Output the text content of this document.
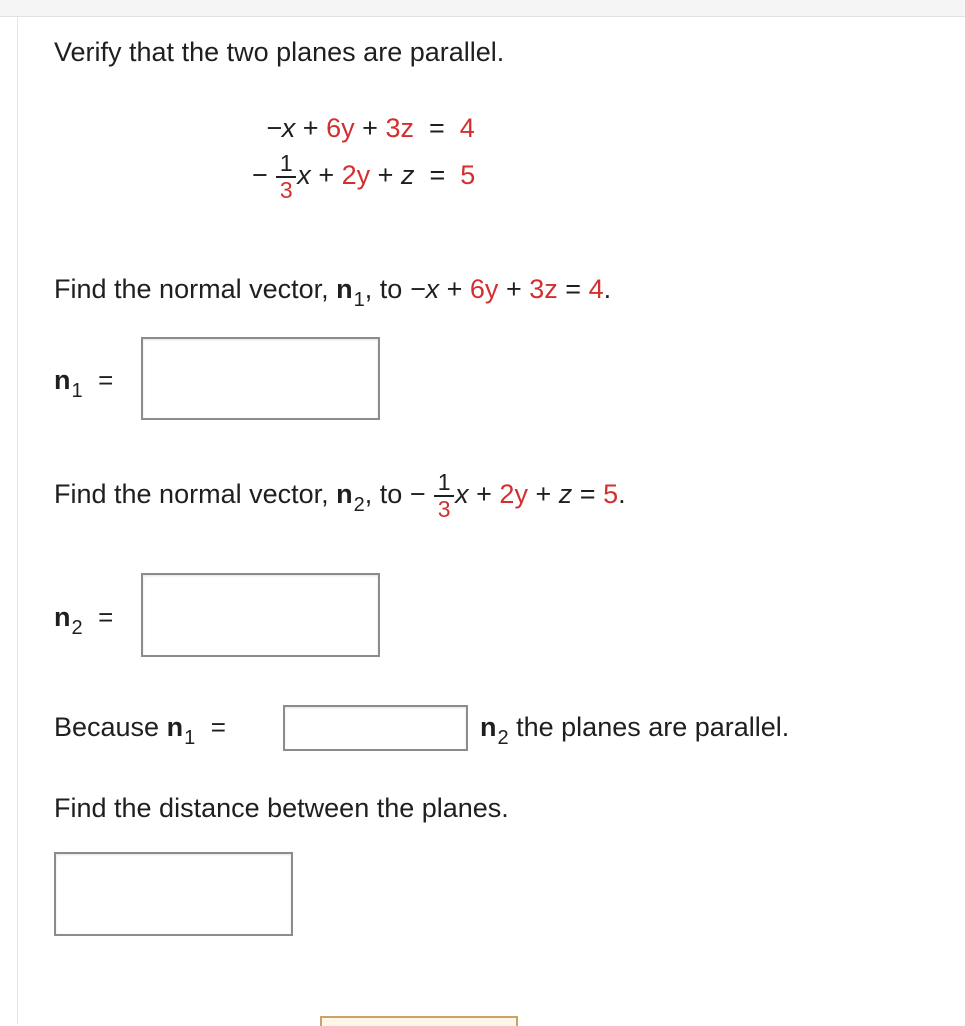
Verify that the two planes are parallel.
−x + 6y + 3z = 4
− $\frac{1}{3}$ x + 2y + z = 5
Find the normal vector, $n_1$, to −x + 6y + 3z = 4.
$n_1$ =
Find the normal vector, $n_2$, to − $\frac{1}{3}$ x + 2y + z = 5.
$n_2$ =
Because $n_1$ =	$n_2$ the planes are parallel.
Find the distance between the planes.
